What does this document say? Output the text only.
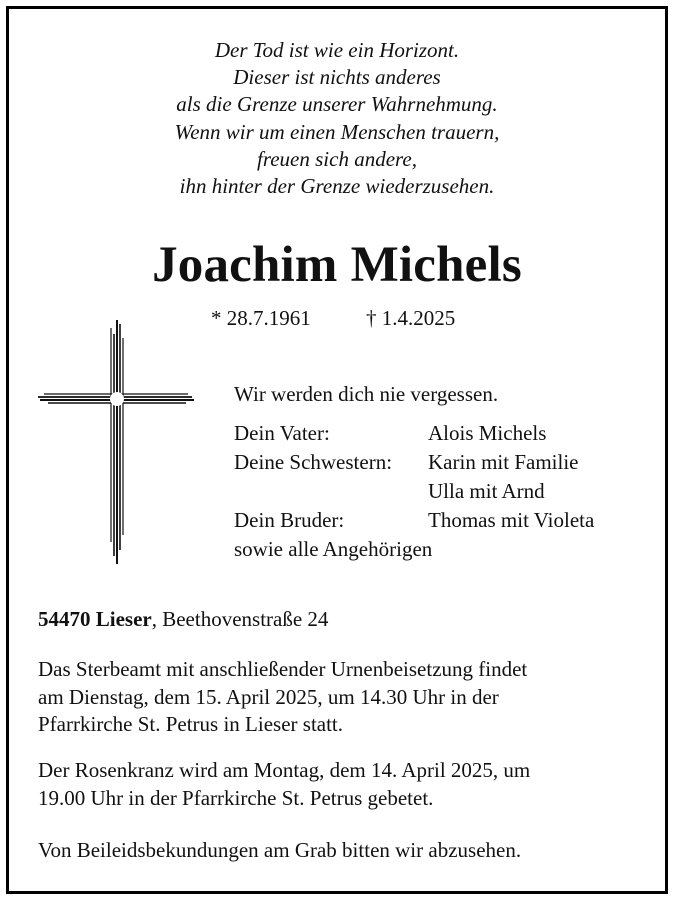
Der Tod ist wie ein Horizont.
Dieser ist nichts anderes
als die Grenze unserer Wahrnehmung.
Wenn wir um einen Menschen trauern,
freuen sich andere,
ihn hinter der Grenze wiederzusehen.
Joachim Michels
* 28.7.1961	† 1.4.2025
Wir werden dich nie vergessen.
Dein Vater:	Alois Michels
Deine Schwestern: Karin mit Familie
Ulla mit Arnd
Dein Bruder:	Thomas mit Violeta
sowie alle Angehörigen
54470 Lieser, Beethovenstraße 24
Das Sterbeamt mit anschließender Urnenbeisetzung findet
am Dienstag, dem 15. April 2025, um 14.30 Uhr in der
Pfarrkirche St. Petrus in Lieser statt.
Der Rosenkranz wird am Montag, dem 14. April 2025, um
19.00 Uhr in der Pfarrkirche St. Petrus gebetet.
Von Beileidsbekundungen am Grab bitten wir abzusehen.
